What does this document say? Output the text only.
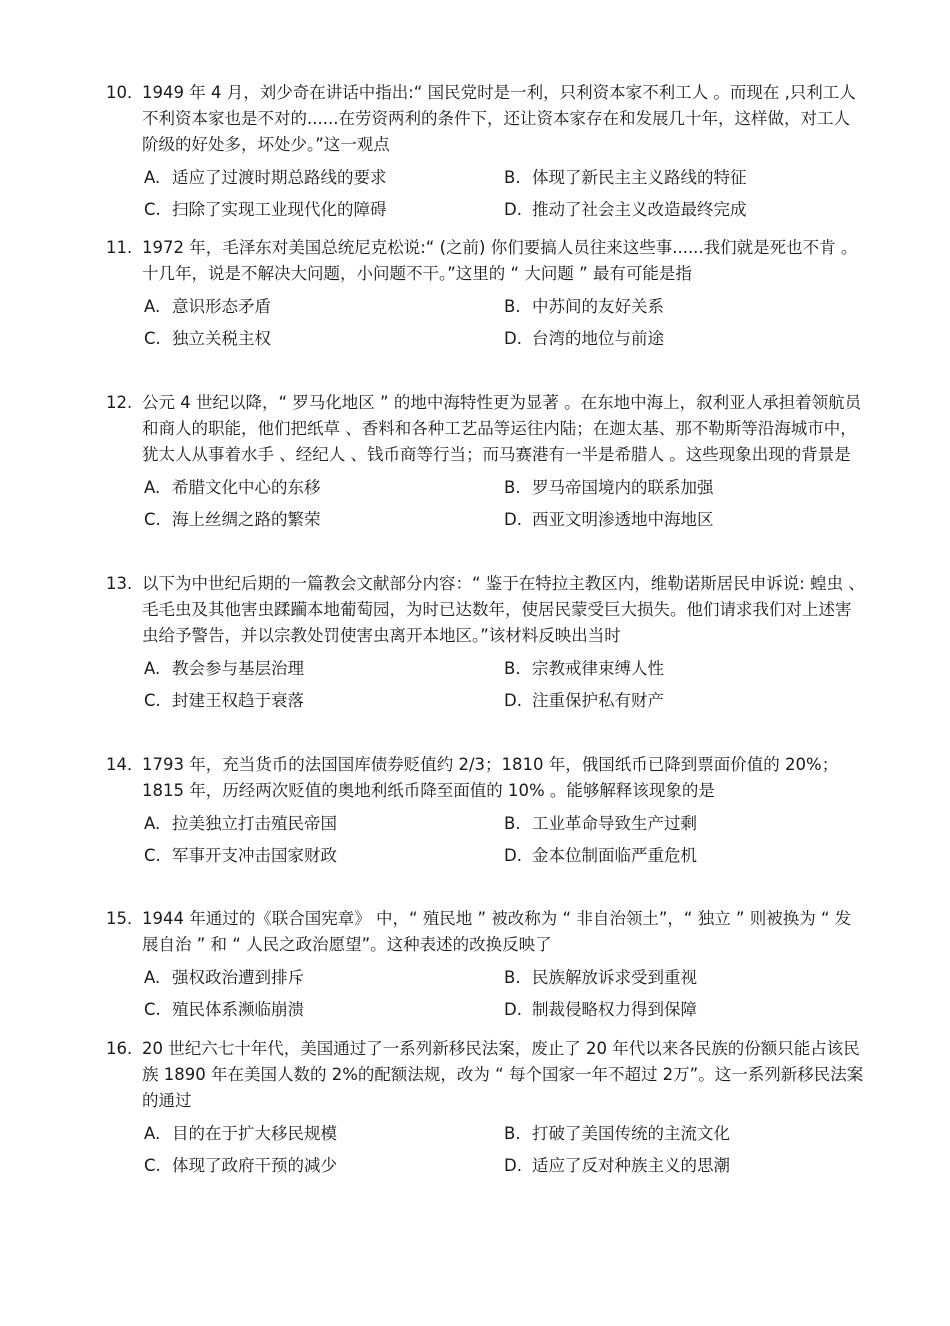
10．
1949 年 4 月，刘少奇在讲话中指出:“ 国民党时是一利，只利资本家不利工人 。而现在 ,只利工人不利资本家也是不对的......在劳资两利的条件下，还让资本家存在和发展几十年，这样做，对工人阶级的好处多，坏处少。”这一观点
A. 适应了过渡时期总路线的要求	B. 体现了新民主主义路线的特征
C. 扫除了实现工业现代化的障碍	D. 推动了社会主义改造最终完成
11. 1972 年，毛泽东对美国总统尼克松说:“ (之前) 你们要搞人员往来这些事......我们就是死也不肯 。十几年，说是不解决大问题，小问题不干。”这里的 “ 大问题 ” 最有可能是指
A. 意识形态矛盾	B. 中苏间的友好关系
C. 独立关税主权	D. 台湾的地位与前途
12. 公元 4 世纪以降，“ 罗马化地区 ” 的地中海特性更为显著 。在东地中海上，叙利亚人承担着领航员和商人的职能，他们把纸草 、香料和各种工艺品等运往内陆；在迦太基、那不勒斯等沿海城市中，犹太人从事着水手 、经纪人 、钱币商等行当；而马赛港有一半是希腊人 。这些现象出现的背景是
A. 希腊文化中心的东移	B. 罗马帝国境内的联系加强
C. 海上丝绸之路的繁荣	D. 西亚文明渗透地中海地区
13. 以下为中世纪后期的一篇教会文献部分内容：“ 鉴于在特拉主教区内，维勒诺斯居民申诉说: 蝗虫 、毛毛虫及其他害虫蹂躏本地葡萄园，为时已达数年，使居民蒙受巨大损失。他们请求我们对上述害虫给予警告，并以宗教处罚使害虫离开本地区。”该材料反映出当时
A. 教会参与基层治理	B. 宗教戒律束缚人性
C. 封建王权趋于衰落	D. 注重保护私有财产
14．
1793 年，充当货币的法国国库债券贬值约 2/3；1810 年，俄国纸币已降到票面价值的 20%；1815 年，历经两次贬值的奥地利纸币降至面值的 10% 。能够解释该现象的是
A. 拉美独立打击殖民帝国	B. 工业革命导致生产过剩
C. 军事开支冲击国家财政	D. 金本位制面临严重危机
15．
1944 年通过的《联合国宪章》 中，“ 殖民地 ” 被改称为 “ 非自治领土”，“ 独立 ” 则被换为 “ 发展自治 ” 和 “ 人民之政治愿望”。这种表述的改换反映了
A. 强权政治遭到排斥	B. 民族解放诉求受到重视
C. 殖民体系濒临崩溃	D. 制裁侵略权力得到保障
16. 20 世纪六七十年代，美国通过了一系列新移民法案，废止了 20 年代以来各民族的份额只能占该民族 1890 年在美国人数的 2%的配额法规，改为 “ 每个国家一年不超过 2万”。这一系列新移民法案的通过
A. 目的在于扩大移民规模	B. 打破了美国传统的主流文化
C. 体现了政府干预的减少	D. 适应了反对种族主义的思潮
